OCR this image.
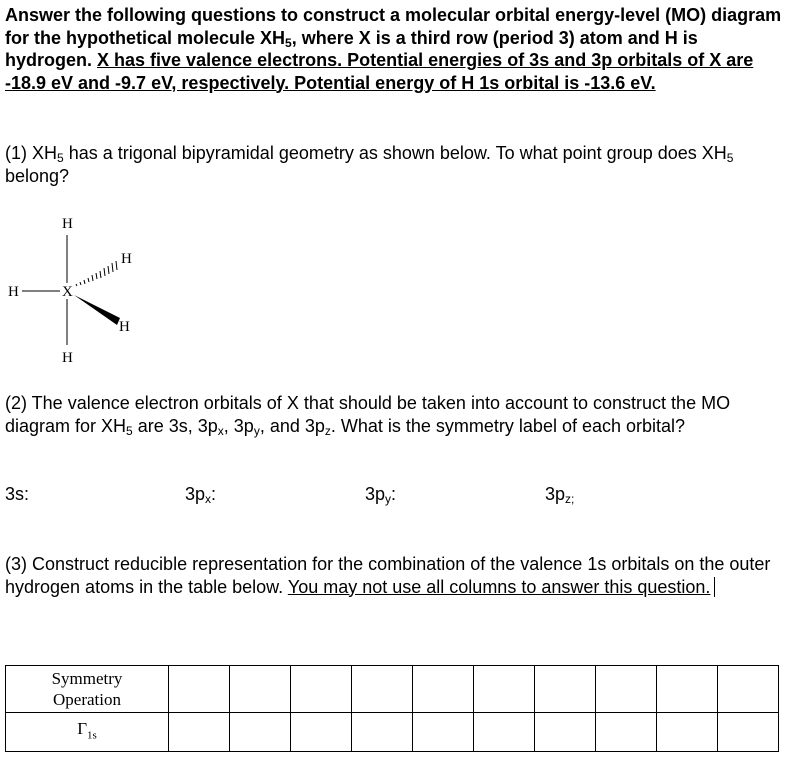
Answer the following questions to construct a molecular orbital energy-level (MO) diagram for the hypothetical molecule $XH_5$, where X is a third row (period 3) atom and H is hydrogen. X has five valence electrons. Potential energies of 3s and 3p orbitals of X are -18.9 eV and -9.7 eV, respectively. Potential energy of H 1s orbital is -13.6 eV.
(1) $XH_5$ has a trigonal bipyramidal geometry as shown below. To what point group does $XH_5$ belong?
H
X
H
H
H
H
(2) The valence electron orbitals of X that should be taken into account to construct the MO diagram for $XH_5$ are 3s, $3p_x$, $3p_y$, and $3p_z$. What is the symmetry label of each orbital?
3s:	$3p_x$:	$3p_y$:	$3p_{z;}$
(3) Construct reducible representation for the combination of the valence 1s orbitals on the outer hydrogen atoms in the table below. You may not use all columns to answer this question.
Symmetry Operation										
$\Gamma_{1s}$										
